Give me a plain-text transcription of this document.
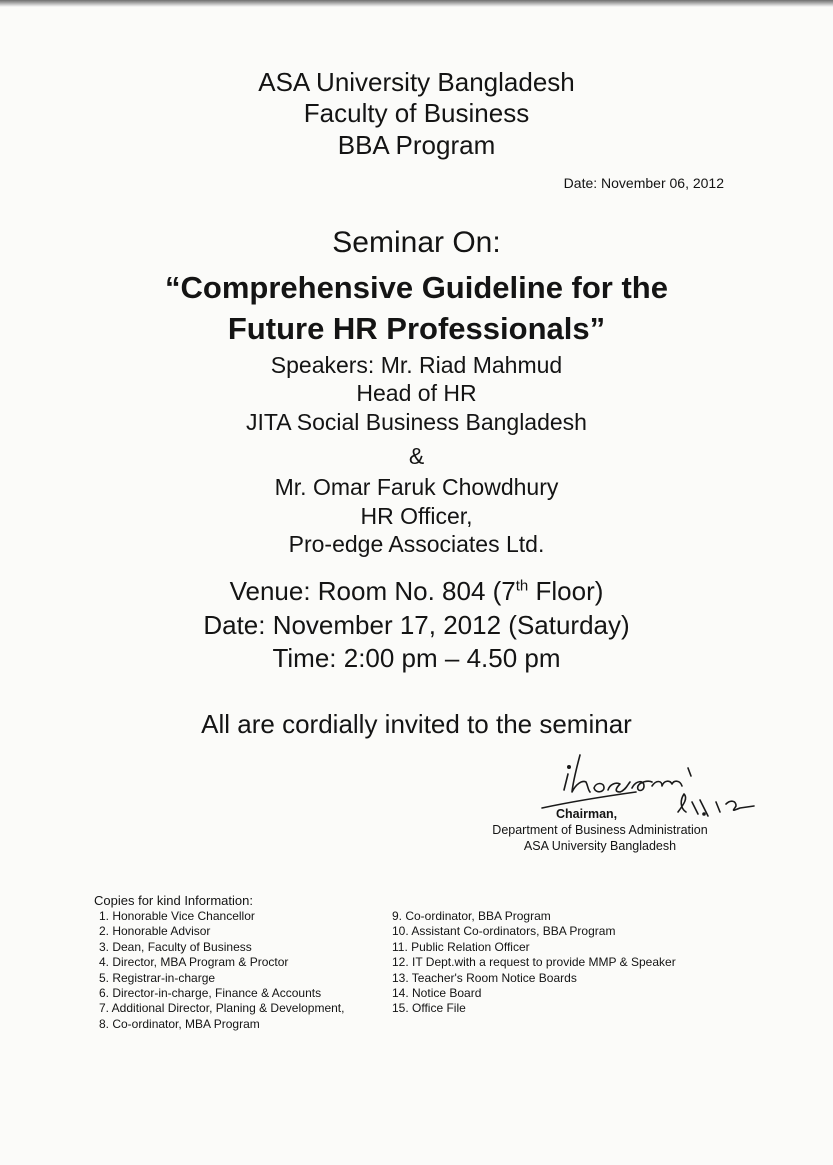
ASA University Bangladesh
Faculty of Business
BBA Program
Date: November 06, 2012
Seminar On:
“Comprehensive Guideline for the
Future HR Professionals”
Speakers: Mr. Riad Mahmud
Head of HR
JITA Social Business Bangladesh
&
Mr. Omar Faruk Chowdhury
HR Officer,
Pro-edge Associates Ltd.
Venue: Room No. 804 (7th Floor)
Date: November 17, 2012 (Saturday)
Time: 2:00 pm – 4.50 pm
All are cordially invited to the seminar
Chairman,
Department of Business Administration
ASA University Bangladesh
Copies for kind Information:
1. Honorable Vice Chancellor
2. Honorable Advisor
3. Dean, Faculty of Business
4. Director, MBA Program & Proctor
5. Registrar-in-charge
6. Director-in-charge, Finance & Accounts
7. Additional Director, Planing & Development,
8. Co-ordinator, MBA Program
9. Co-ordinator, BBA Program
10. Assistant Co-ordinators, BBA Program
11. Public Relation Officer
12. IT Dept.with a request to provide MMP & Speaker
13. Teacher's Room Notice Boards
14. Notice Board
15. Office File
